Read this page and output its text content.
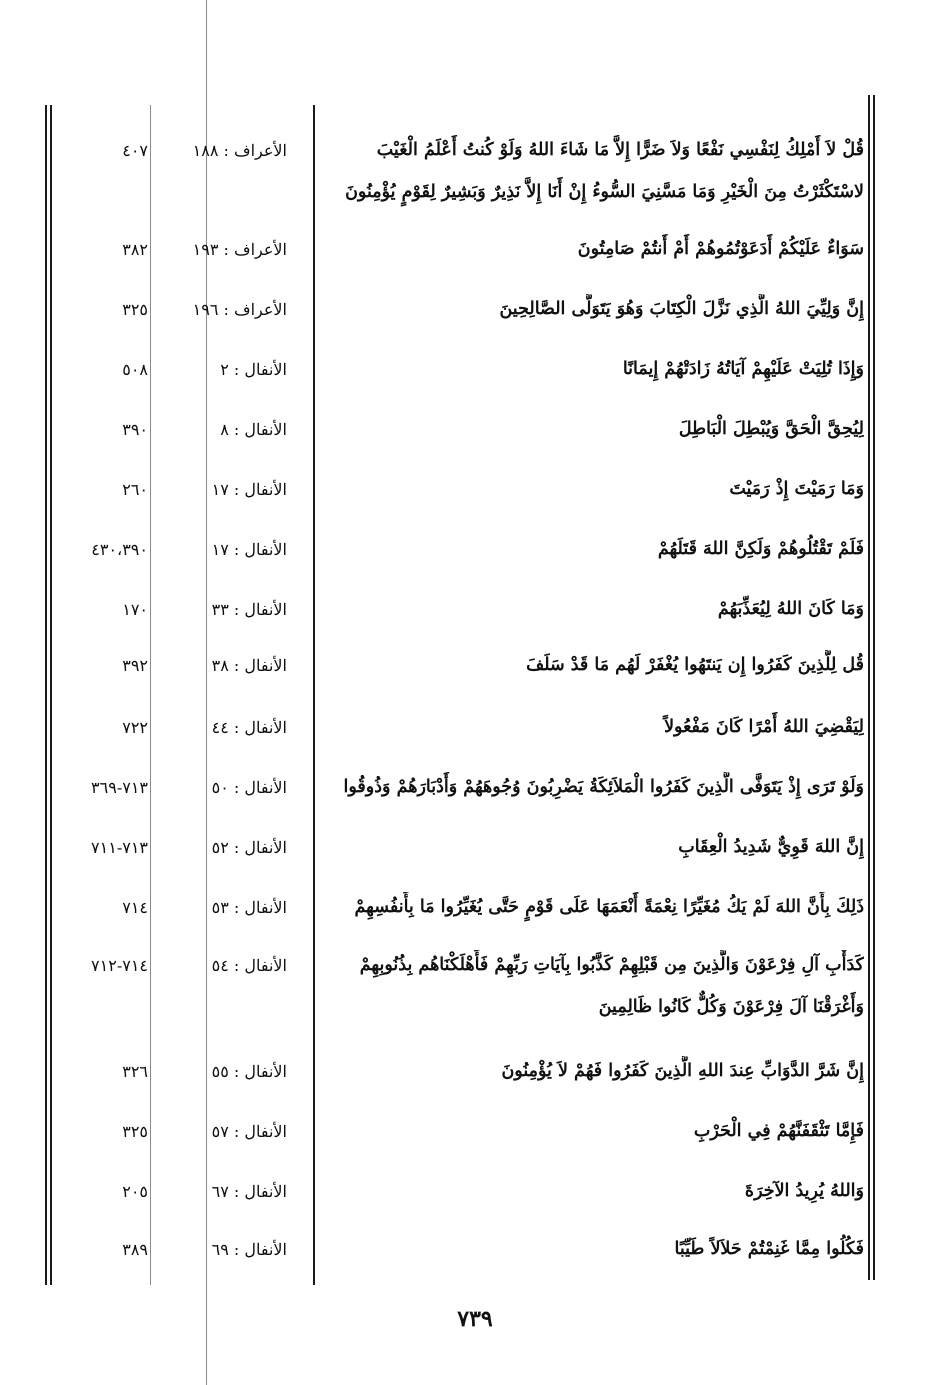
قُلْ لاَ أَمْلِكُ لِنَفْسِي نَفْعًا وَلاَ ضَرًّا إِلاَّ مَا شَاءَ اللهُ وَلَوْ كُنتُ أَعْلَمُ الْغَيْبَ
لاسْتَكْثَرْتُ مِنَ الْخَيْرِ وَمَا مَسَّنِيَ السُّوءُ إِنْ أَنَا إِلاَّ نَذِيرٌ وَبَشِيرٌ لِقَوْمٍ يُؤْمِنُونَ
الأعراف : ١٨٨
٤٠٧
سَوَاءٌ عَلَيْكُمْ أَدَعَوْتُمُوهُمْ أَمْ أَنتُمْ صَامِتُونَ
الأعراف : ١٩٣
٣٨٢
إِنَّ وَلِيِّيَ اللهُ الَّذِي نَزَّلَ الْكِتَابَ وَهُوَ يَتَوَلَّى الصَّالِحِينَ
الأعراف : ١٩٦
٣٢٥
وَإِذَا تُلِيَتْ عَلَيْهِمْ آيَاتُهُ زَادَتْهُمْ إِيمَانًا
الأنفال : ٢
٥٠٨
لِيُحِقَّ الْحَقَّ وَيُبْطِلَ الْبَاطِلَ
الأنفال : ٨
٣٩٠
وَمَا رَمَيْتَ إِذْ رَمَيْتَ
الأنفال : ١٧
٢٦٠
فَلَمْ تَقْتُلُوهُمْ وَلَكِنَّ اللهَ قَتَلَهُمْ
الأنفال : ١٧
٤٣٠،٣٩٠
وَمَا كَانَ اللهُ لِيُعَذِّبَهُمْ
الأنفال : ٣٣
١٧٠
قُل لِلَّذِينَ كَفَرُوا إِن يَنتَهُوا يُغْفَرْ لَهُم مَا قَدْ سَلَفَ
الأنفال : ٣٨
٣٩٢
لِيَقْضِيَ اللهُ أَمْرًا كَانَ مَفْعُولاً
الأنفال : ٤٤
٧٢٢
وَلَوْ تَرَى إِذْ يَتَوَفَّى الَّذِينَ كَفَرُوا الْمَلاَئِكَةُ يَضْرِبُونَ وُجُوهَهُمْ وَأَدْبَارَهُمْ وَذُوقُوا
الأنفال : ٥٠
٧١٣-٣٦٩
إِنَّ اللهَ قَوِيٌّ شَدِيدُ الْعِقَابِ
الأنفال : ٥٢
٧١٣-٧١١
ذَلِكَ بِأَنَّ اللهَ لَمْ يَكُ مُغَيِّرًا نِعْمَةً أَنْعَمَهَا عَلَى قَوْمٍ حَتَّى يُغَيِّرُوا مَا بِأَنفُسِهِمْ
الأنفال : ٥٣
٧١٤
كَدَأْبِ آلِ فِرْعَوْنَ وَالَّذِينَ مِن قَبْلِهِمْ كَذَّبُوا بِآيَاتِ رَبِّهِمْ فَأَهْلَكْنَاهُم بِذُنُوبِهِمْ
وَأَغْرَقْنَا آلَ فِرْعَوْنَ وَكُلٌّ كَانُوا ظَالِمِينَ
الأنفال : ٥٤
٧١٤-٧١٢
إِنَّ شَرَّ الدَّوَابِّ عِندَ اللهِ الَّذِينَ كَفَرُوا فَهُمْ لاَ يُؤْمِنُونَ
الأنفال : ٥٥
٣٢٦
فَإِمَّا تَثْقَفَنَّهُمْ فِي الْحَرْبِ
الأنفال : ٥٧
٣٢٥
وَاللهُ يُرِيدُ الآخِرَةَ
الأنفال : ٦٧
٢٠٥
فَكُلُوا مِمَّا غَنِمْتُمْ حَلاَلاً طَيِّبًا
الأنفال : ٦٩
٣٨٩
٧٣٩
